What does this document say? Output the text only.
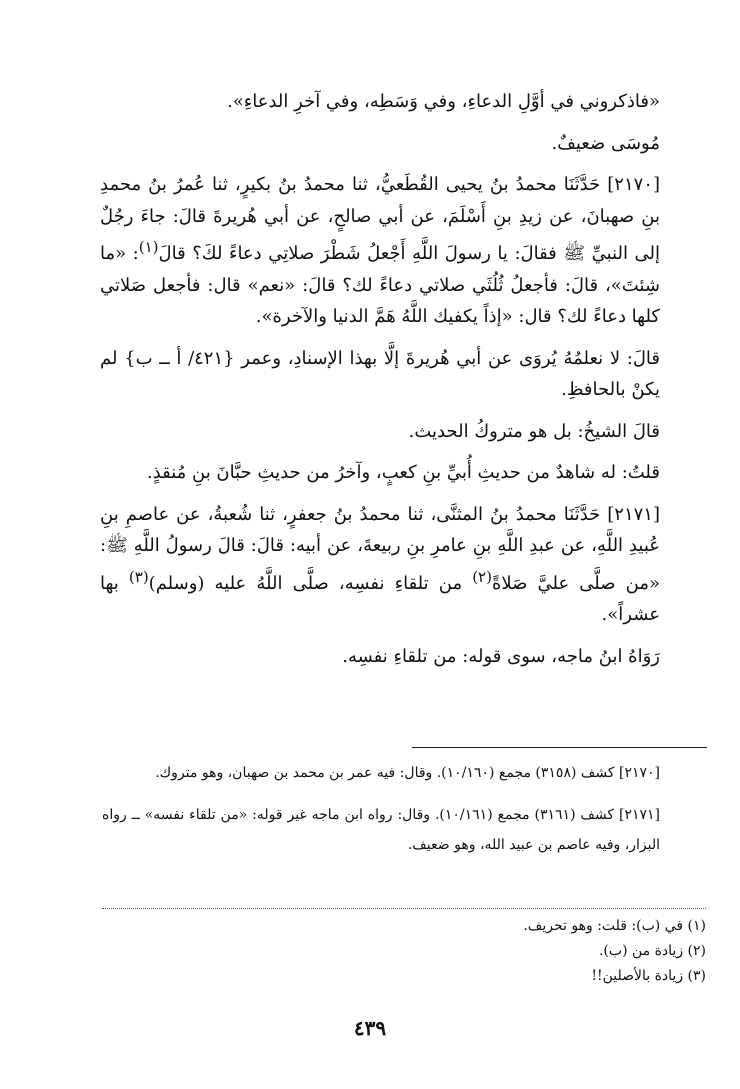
«فاذكروني في أوَّلِ الدعاءِ، وفي وَسَطِه، وفي آخرِ الدعاءِ».

مُوسَى ضعيفٌ.

[٢١٧٠] حَدَّثَنَا محمدُ بنُ يحيى القُطَعيُّ، ثنا محمدُ بنُ بكيرٍ، ثنا عُمرُ بنُ محمدِ بنِ صهبانَ، عن زيدِ بنِ أَسْلَمَ، عن أبي صالحٍ، عن أبي هُريرةَ قالَ: جاءَ رجُلٌ إلى النبيِّ ﷺ فقالَ: يا رسولَ اللَّهِ أَجْعلُ شَطْرَ صلاتِي دعاءً لكَ؟ قالَ$^{(١)}$: «ما شِئتَ»، قالَ: فأجعلُ ثُلُثَي صلاتي دعاءً لك؟ قالَ: «نعم» قال: فأجعل صَلاتي كلها دعاءً لك؟ قال: «إذاً يكفيك اللَّهُ هَمَّ الدنيا والآخرة».

قالَ: لا نعلمُهُ يُروَى عن أبي هُريرةَ إلَّا بهذا الإسنادِ، وعمر {٤٢١/ أ ــ ب} لم يكنْ بالحافظِ.

قالَ الشيخُ: بل هو متروكُ الحديث.

قلتُ: له شاهدٌ من حديثِ أُبيِّ بنِ كعبٍ، وآخرُ من حديثِ حبَّانَ بنِ مُنقذٍ.

[٢١٧١] حَدَّثَنَا محمدُ بنُ المثنَّى، ثنا محمدُ بنُ جعفرٍ، ثنا شُعبةُ، عن عاصمِ بنِ عُبيدِ اللَّهِ، عن عبدِ اللَّهِ بنِ عامرِ بنِ ربيعةَ، عن أبيه: قالَ: قالَ رسولُ اللَّهِ ﷺ: «من صلَّى عليَّ صَلاةً$^{(٢)}$ من تلقاءِ نفسِه، صلَّى اللَّهُ عليه (وسلم)$^{(٣)}$ بها عشراً».

رَوَاهُ ابنُ ماجه، سوى قوله: من تلقاءِ نفسِه.

[٢١٧٠] كشف (٣١٥٨) مجمع (١٠/١٦٠). وقال: فيه عمر بن محمد بن صهبان، وهو متروك.

[٢١٧١] كشف (٣١٦١) مجمع (١٠/١٦١). وقال: رواه ابن ماجه غير قوله: «من تلقاء نفسه» ــ رواه البزار، وفيه عاصم بن عبيد الله، وهو ضعيف.

(١) في (ب): قلت: وهو تحريف.

(٢) زيادة من (ب).

(٣) زيادة بالأصلين!!

٤٣٩
